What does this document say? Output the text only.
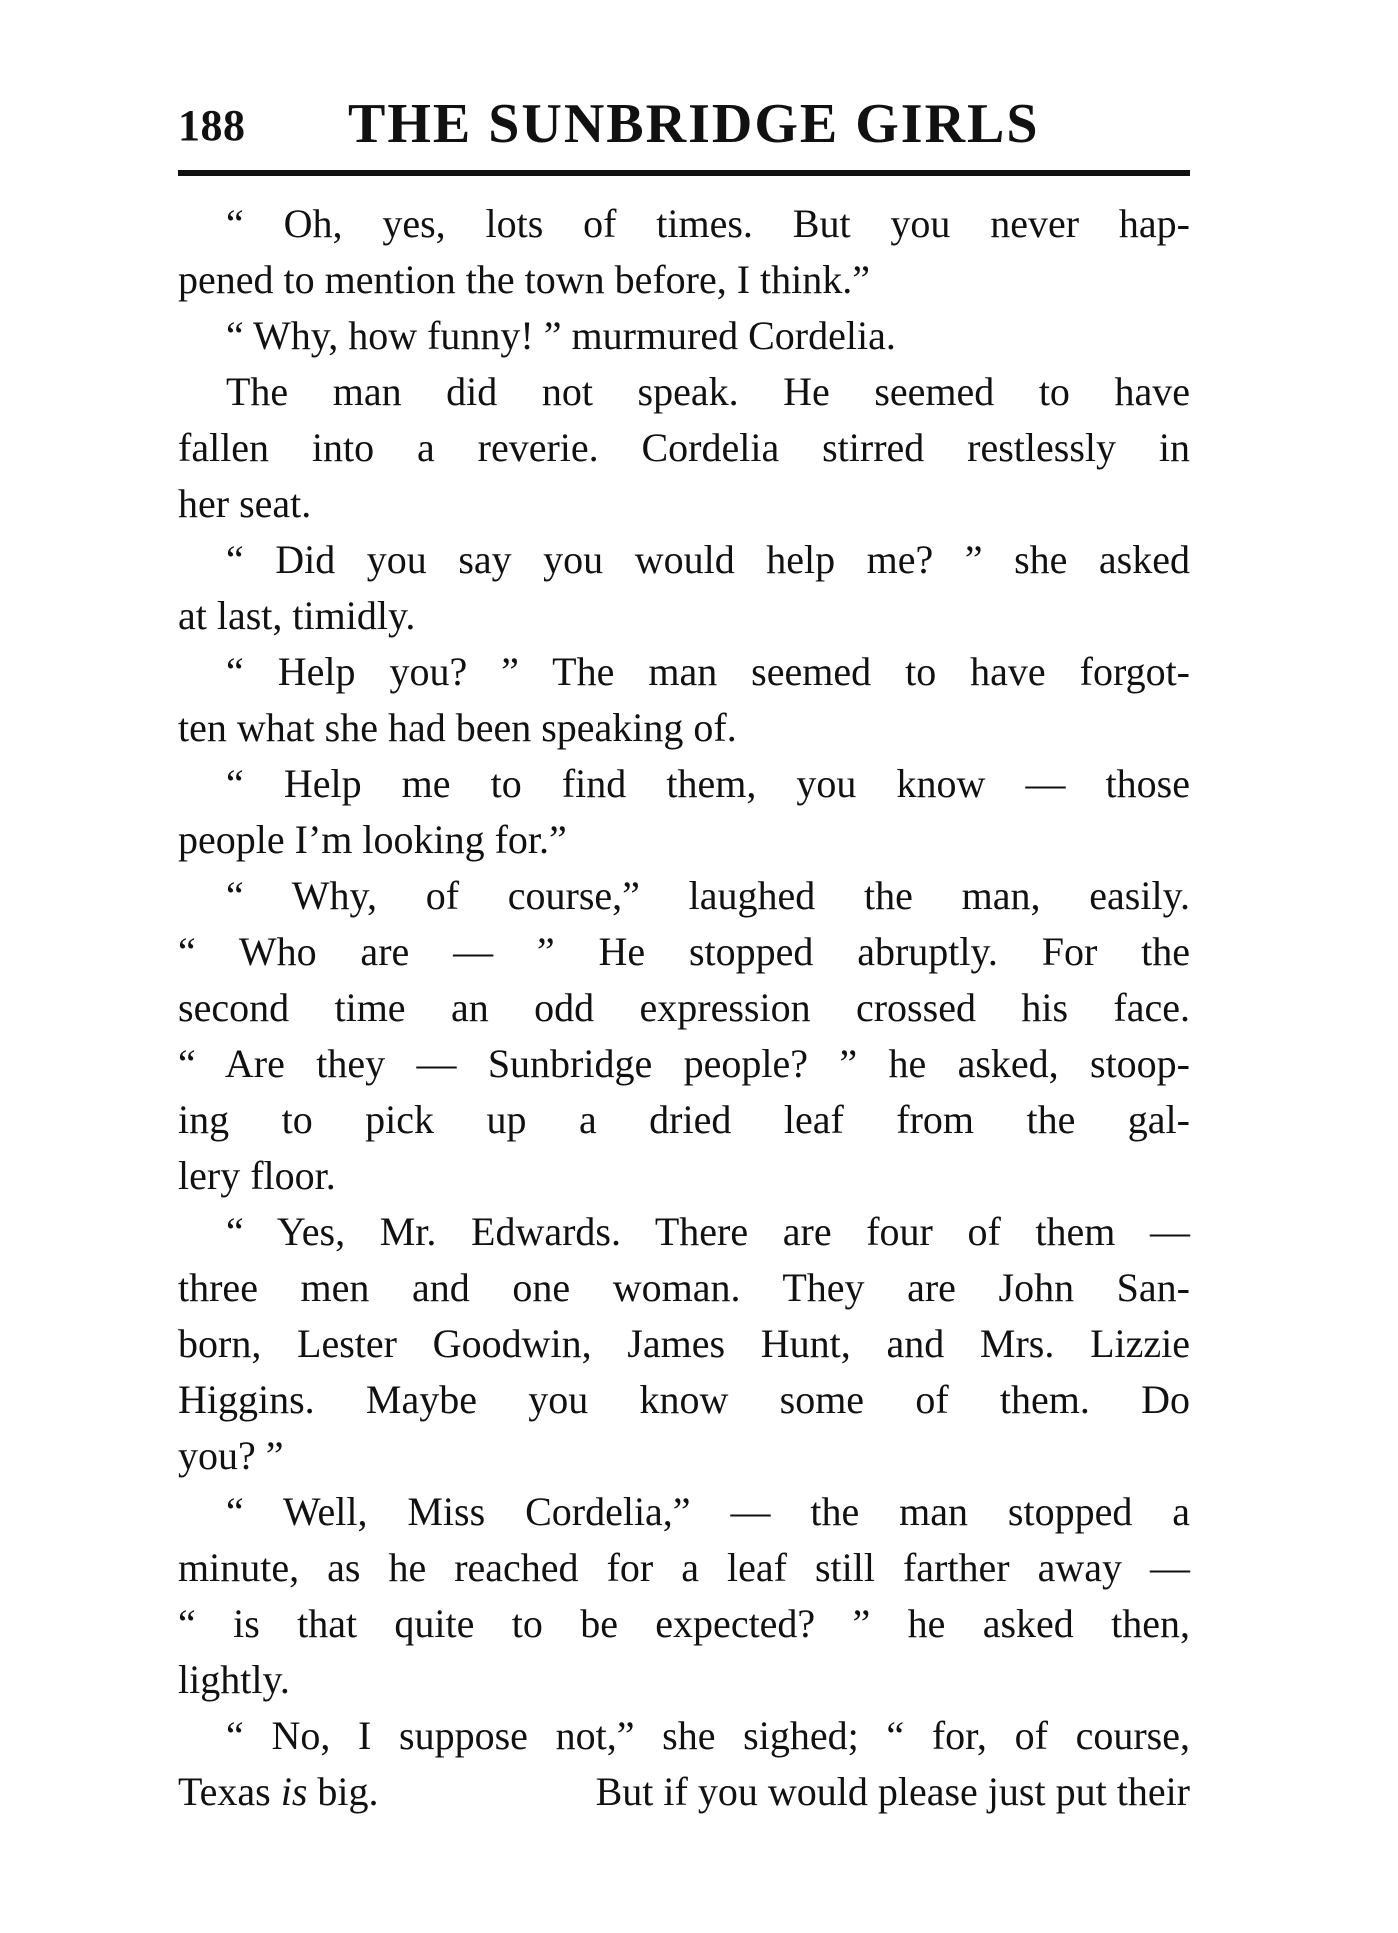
188 THE SUNBRIDGE GIRLS
“ Oh, yes, lots of times. But you never hap-
pened to mention the town before, I think.”
“ Why, how funny! ” murmured Cordelia.
The man did not speak. He seemed to have
fallen into a reverie. Cordelia stirred restlessly in
her seat.
“ Did you say you would help me? ” she asked
at last, timidly.
“ Help you? ” The man seemed to have forgot-
ten what she had been speaking of.
“ Help me to find them, you know — those
people I’m looking for.”
“ Why, of course,” laughed the man, easily.
“ Who are — ” He stopped abruptly. For the
second time an odd expression crossed his face.
“ Are they — Sunbridge people? ” he asked, stoop-
ing to pick up a dried leaf from the gal-
lery floor.
“ Yes, Mr. Edwards. There are four of them —
three men and one woman. They are John San-
born, Lester Goodwin, James Hunt, and Mrs. Lizzie
Higgins. Maybe you know some of them. Do
you? ”
“ Well, Miss Cordelia,” — the man stopped a
minute, as he reached for a leaf still farther away —
“ is that quite to be expected? ” he asked then,
lightly.
“ No, I suppose not,” she sighed; “ for, of course,
Texas is big.	But if you would please just put their
